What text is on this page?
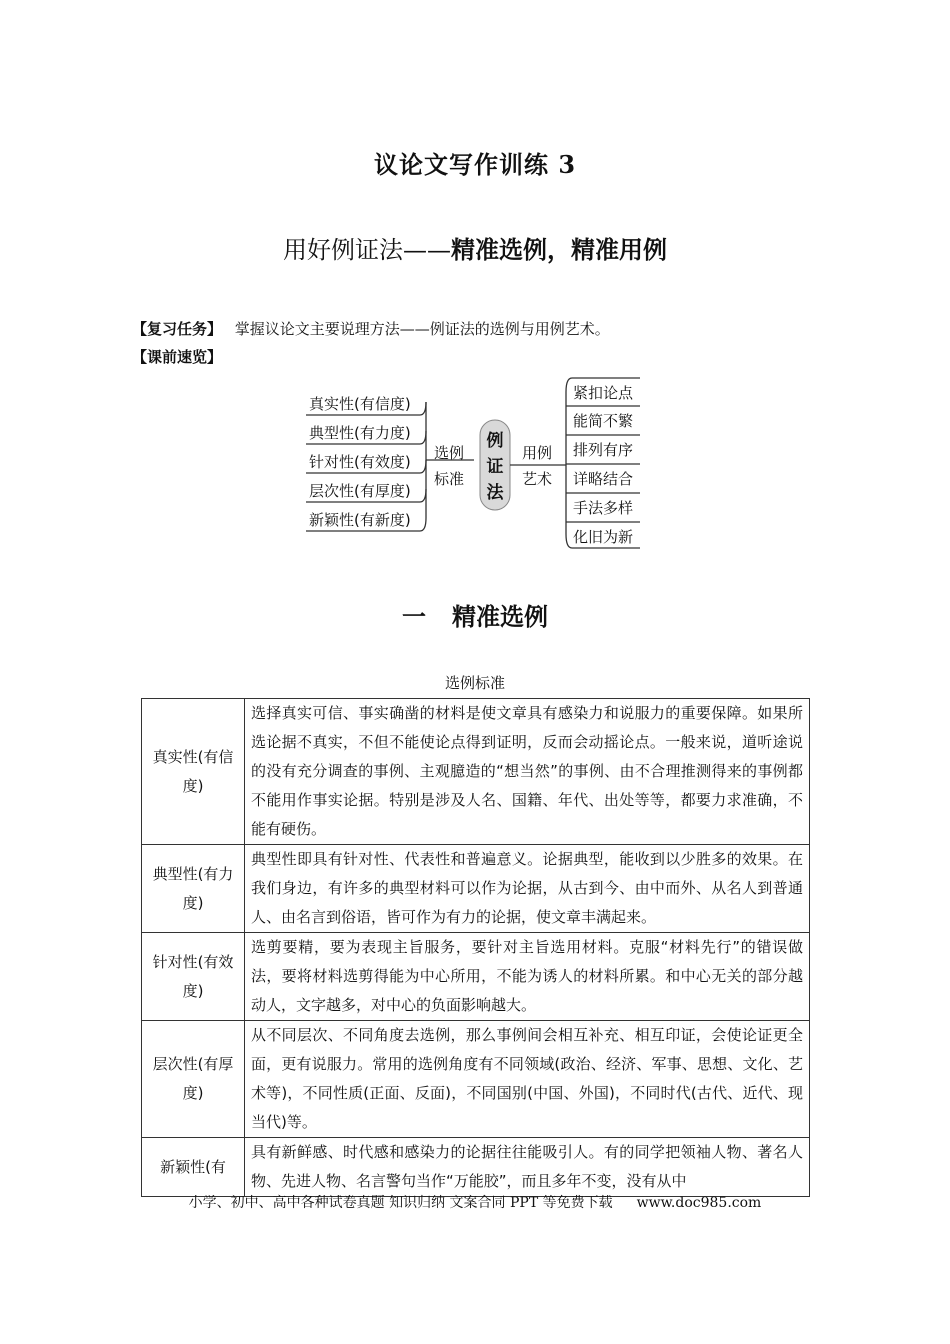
议论文写作训练 3
用好例证法——精准选例，精准用例
【复习任务】 掌握议论文主要说理方法——例证法的选例与用例艺术。
【课前速览】
真实性(有信度)
典型性(有力度)
针对性(有效度)
层次性(有厚度)
新颖性(有新度)
选例
标准
例
证
法
用例
艺术
紧扣论点
能简不繁
排列有序
详略结合
手法多样
化旧为新
一 精准选例
选例标准
真实性(有信度)	选择真实可信、事实确凿的材料是使文章具有感染力和说服力的重要保障。如果所选论据不真实，不但不能使论点得到证明，反而会动摇论点。一般来说，道听途说的没有充分调查的事例、主观臆造的“想当然”的事例、由不合理推测得来的事例都不能用作事实论据。特别是涉及人名、国籍、年代、出处等等，都要力求准确，不能有硬伤。
典型性(有力度)	典型性即具有针对性、代表性和普遍意义。论据典型，能收到以少胜多的效果。在我们身边，有许多的典型材料可以作为论据，从古到今、由中而外、从名人到普通人、由名言到俗语，皆可作为有力的论据，使文章丰满起来。
针对性(有效度)	选剪要精，要为表现主旨服务，要针对主旨选用材料。克服“材料先行”的错误做法，要将材料选剪得能为中心所用，不能为诱人的材料所累。和中心无关的部分越动人，文字越多，对中心的负面影响越大。
层次性(有厚度)	从不同层次、不同角度去选例，那么事例间会相互补充、相互印证，会使论证更全面，更有说服力。常用的选例角度有不同领域(政治、经济、军事、思想、文化、艺术等)，不同性质(正面、反面)，不同国别(中国、外国)，不同时代(古代、近代、现当代)等。
新颖性(有	具有新鲜感、时代感和感染力的论据往往能吸引人。有的同学把领袖人物、著名人物、先进人物、名言警句当作“万能胶”，而且多年不变，没有从中
小学、初中、高中各种试卷真题 知识归纳 文案合同 PPT 等免费下载 www.doc985.com
